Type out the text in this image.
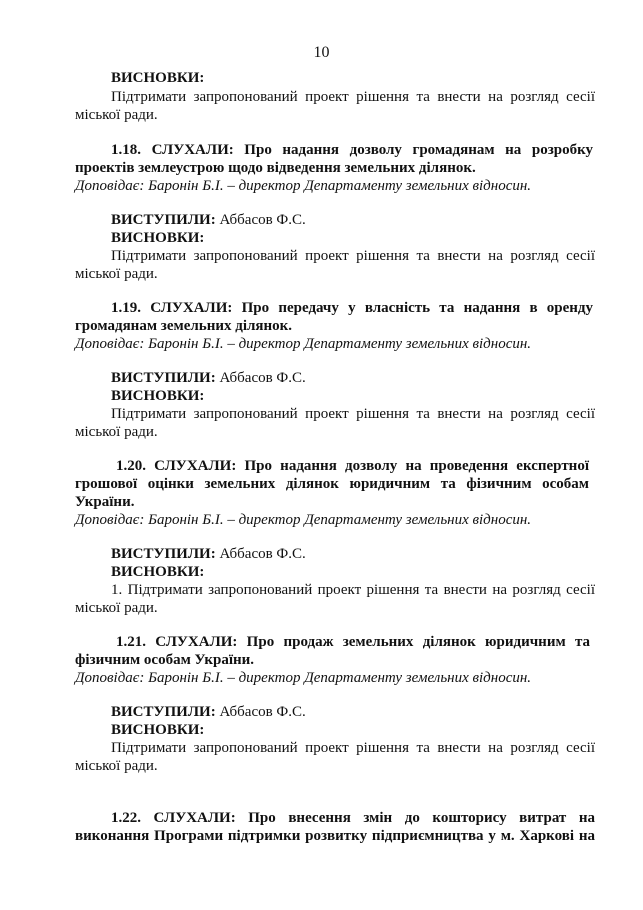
10
ВИСНОВКИ:
Підтримати запропонований проект рішення та внести на розгляд сесії
міської ради.
1.18. СЛУХАЛИ: Про надання дозволу громадянам на розробку
проектів землеустрою щодо відведення земельних ділянок.
Доповідає: Баронін Б.І. – директор Департаменту земельних відносин.
ВИСТУПИЛИ: Аббасов Ф.С.
ВИСНОВКИ:
Підтримати запропонований проект рішення та внести на розгляд сесії
міської ради.
1.19. СЛУХАЛИ: Про передачу у власність та надання в оренду
громадянам земельних ділянок.
Доповідає: Баронін Б.І. – директор Департаменту земельних відносин.
ВИСТУПИЛИ: Аббасов Ф.С.
ВИСНОВКИ:
Підтримати запропонований проект рішення та внести на розгляд сесії
міської ради.
1.20. СЛУХАЛИ: Про надання дозволу на проведення експертної
грошової оцінки земельних ділянок юридичним та фізичним особам
України.
Доповідає: Баронін Б.І. – директор Департаменту земельних відносин.
ВИСТУПИЛИ: Аббасов Ф.С.
ВИСНОВКИ:
1. Підтримати запропонований проект рішення та внести на розгляд сесії
міської ради.
1.21. СЛУХАЛИ: Про продаж земельних ділянок юридичним та
фізичним особам України.
Доповідає: Баронін Б.І. – директор Департаменту земельних відносин.
ВИСТУПИЛИ: Аббасов Ф.С.
ВИСНОВКИ:
Підтримати запропонований проект рішення та внести на розгляд сесії
міської ради.
1.22. СЛУХАЛИ: Про внесення змін до кошторису витрат на
виконання Програми підтримки розвитку підприємництва у м. Харкові на
